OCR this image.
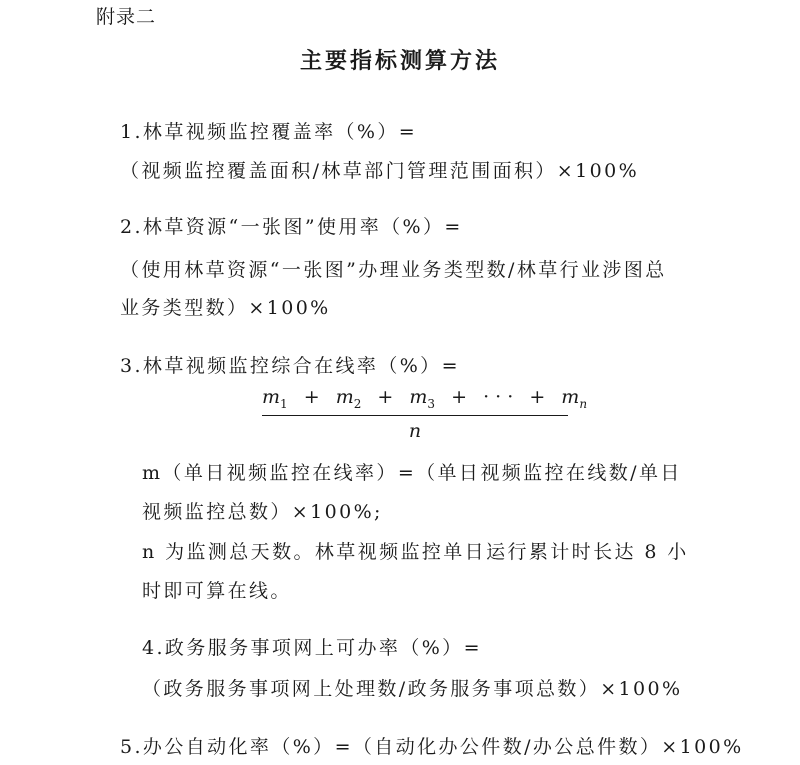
附录二
主要指标测算方法
1.林草视频监控覆盖率（%）=
（视频监控覆盖面积/林草部门管理范围面积）×100%
2.林草资源“一张图”使用率（%）=
（使用林草资源“一张图”办理业务类型数/林草行业涉图总
业务类型数）×100%
3.林草视频监控综合在线率（%）=
$m_1 + m_2 + m_3$ + · · · + $m_n$
n
m（单日视频监控在线率）=（单日视频监控在线数/单日
视频监控总数）×100%;
n 为监测总天数。林草视频监控单日运行累计时长达 8 小
时即可算在线。
4.政务服务事项网上可办率（%）=
（政务服务事项网上处理数/政务服务事项总数）×100%
5.办公自动化率（%）=（自动化办公件数/办公总件数）×100%
